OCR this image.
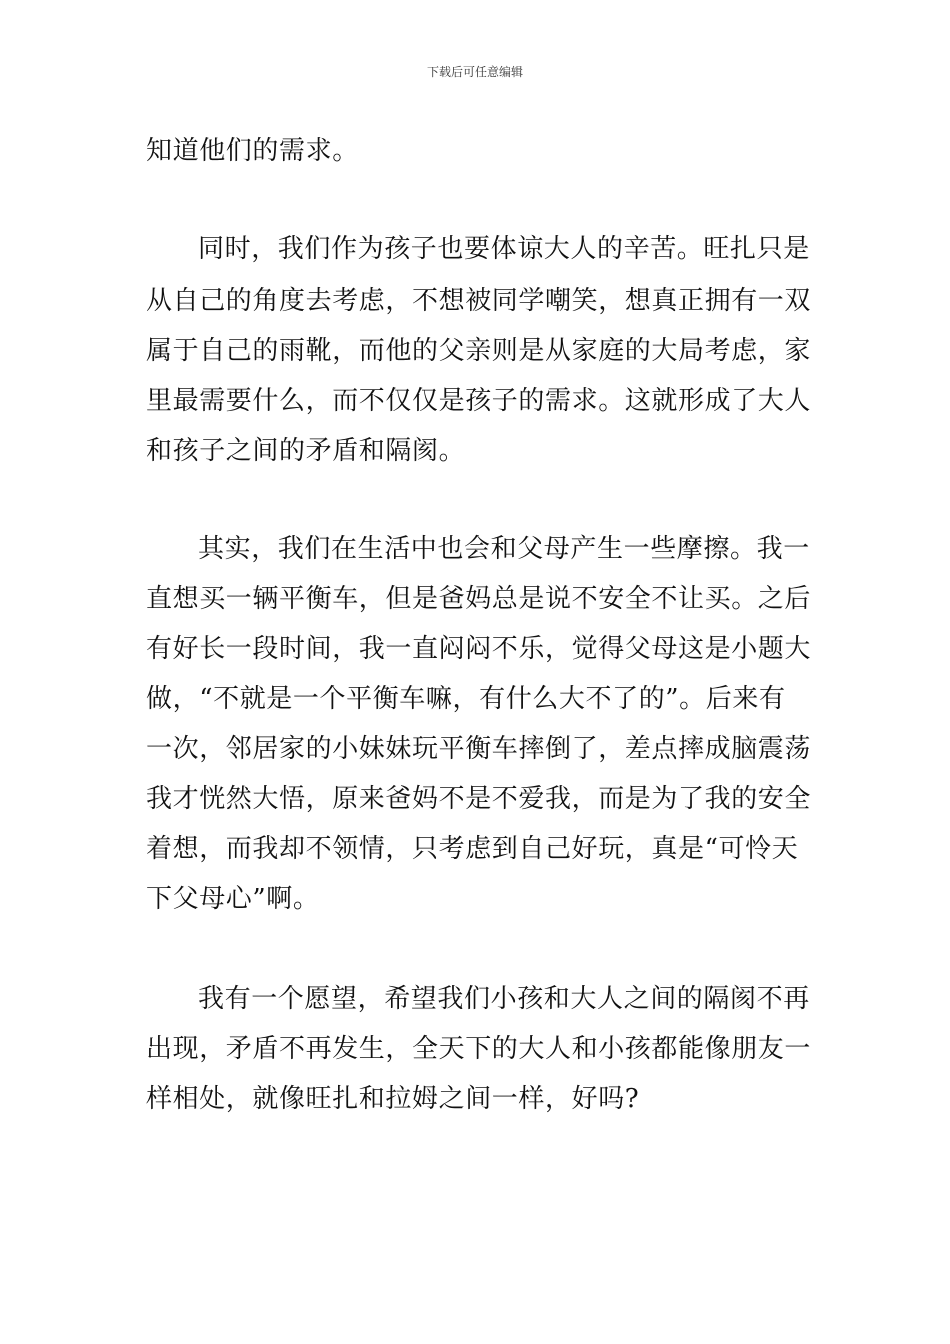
下载后可任意编辑
知道他们的需求。
同时，我们作为孩子也要体谅大人的辛苦。旺扎只是
从自己的角度去考虑，不想被同学嘲笑，想真正拥有一双
属于自己的雨靴，而他的父亲则是从家庭的大局考虑，家
里最需要什么，而不仅仅是孩子的需求。这就形成了大人
和孩子之间的矛盾和隔阂。
其实，我们在生活中也会和父母产生一些摩擦。我一
直想买一辆平衡车，但是爸妈总是说不安全不让买。之后
有好长一段时间，我一直闷闷不乐，觉得父母这是小题大
做，“不就是一个平衡车嘛，有什么大不了的”。后来有
一次，邻居家的小妹妹玩平衡车摔倒了，差点摔成脑震荡
我才恍然大悟，原来爸妈不是不爱我，而是为了我的安全
着想，而我却不领情，只考虑到自己好玩，真是“可怜天
下父母心”啊。
我有一个愿望，希望我们小孩和大人之间的隔阂不再
出现，矛盾不再发生，全天下的大人和小孩都能像朋友一
样相处，就像旺扎和拉姆之间一样，好吗?
